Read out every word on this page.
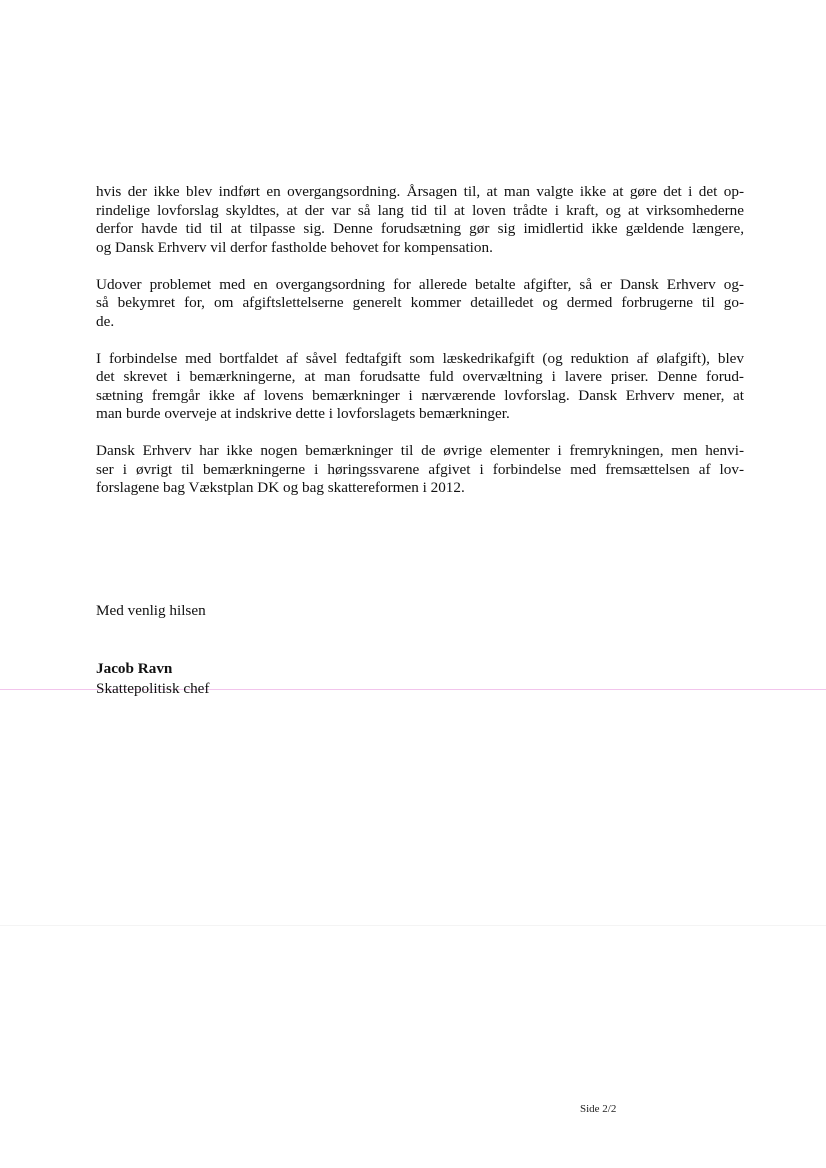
hvis der ikke blev indført en overgangsordning. Årsagen til, at man valgte ikke at gøre det i det op-
rindelige lovforslag skyldtes, at der var så lang tid til at loven trådte i kraft, og at virksomhederne
derfor havde tid til at tilpasse sig. Denne forudsætning gør sig imidlertid ikke gældende længere,
og Dansk Erhverv vil derfor fastholde behovet for kompensation.

Udover problemet med en overgangsordning for allerede betalte afgifter, så er Dansk Erhverv og-
så bekymret for, om afgiftslettelserne generelt kommer detailledet og dermed forbrugerne til go-
de.

I forbindelse med bortfaldet af såvel fedtafgift som læskedrikafgift (og reduktion af ølafgift), blev
det skrevet i bemærkningerne, at man forudsatte fuld overvæltning i lavere priser. Denne forud-
sætning fremgår ikke af lovens bemærkninger i nærværende lovforslag. Dansk Erhverv mener, at
man burde overveje at indskrive dette i lovforslagets bemærkninger.

Dansk Erhverv har ikke nogen bemærkninger til de øvrige elementer i fremrykningen, men henvi-
ser i øvrigt til bemærkningerne i høringssvarene afgivet i forbindelse med fremsættelsen af lov-
forslagene bag Vækstplan DK og bag skattereformen i 2012.

Med venlig hilsen

Jacob Ravn

Skattepolitisk chef

Side 2/2
